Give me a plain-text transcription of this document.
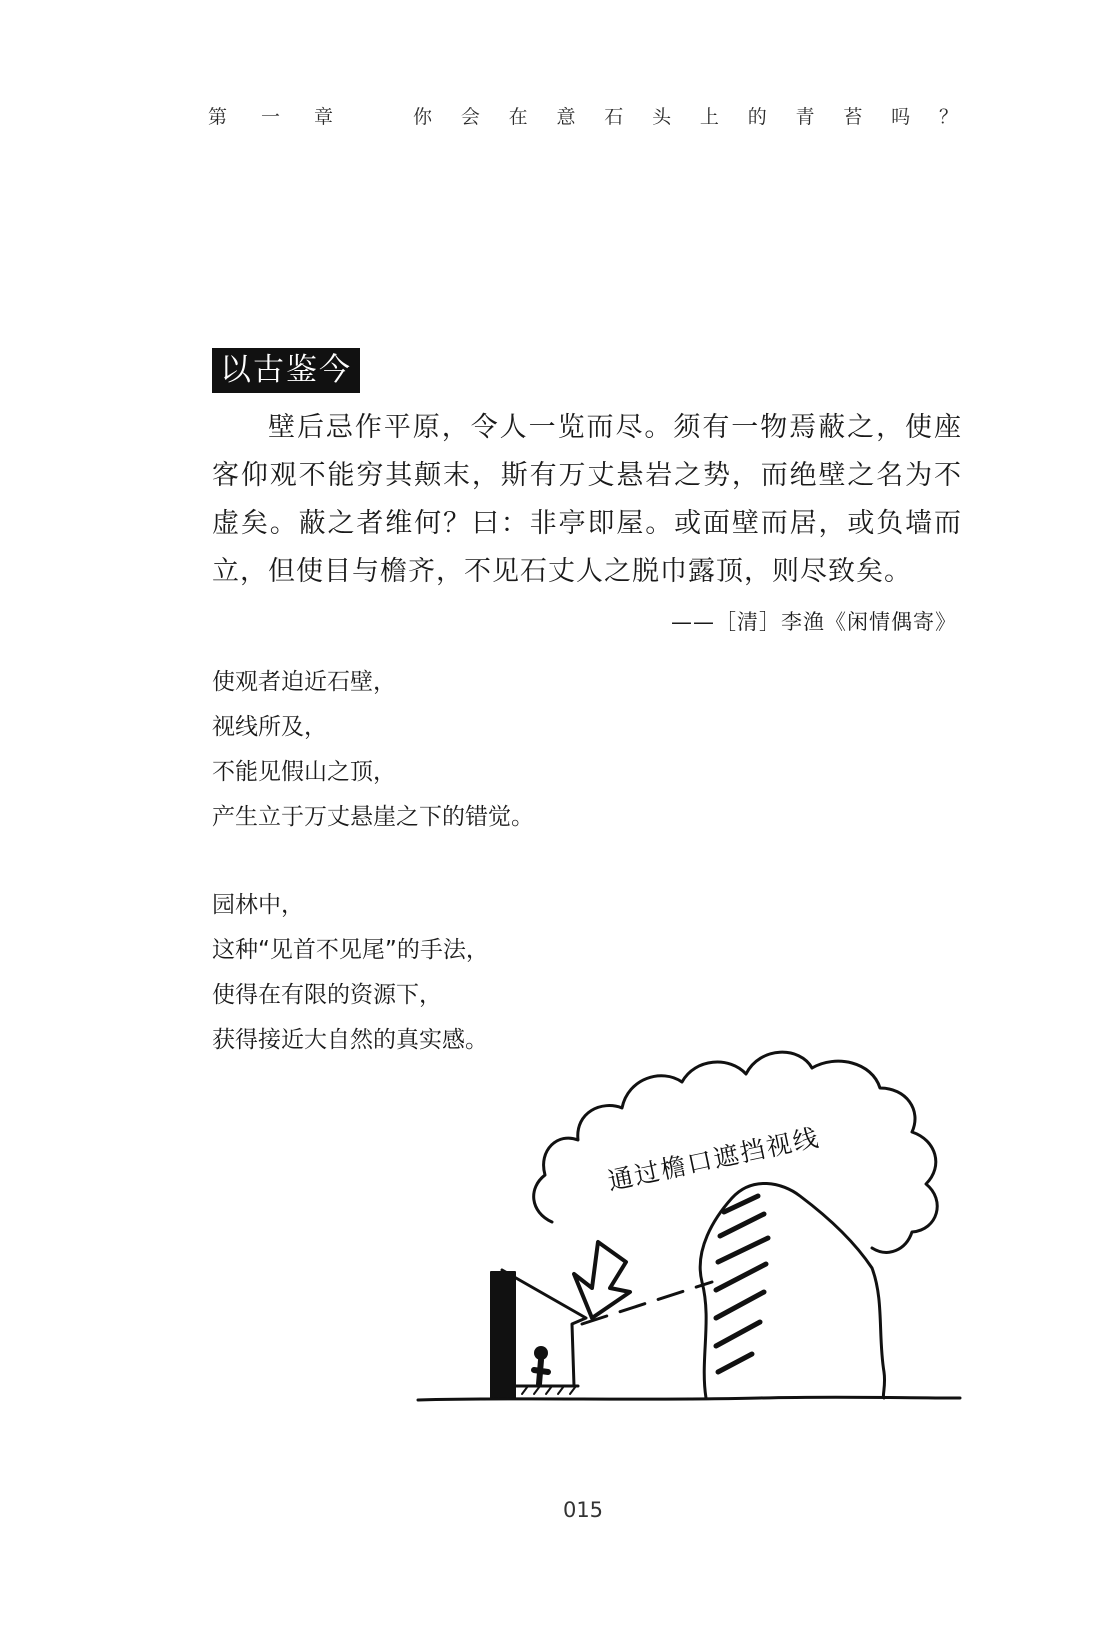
第 一 章	你 会 在 意 石 头 上 的 青 苔 吗 ？
以古鉴今

壁后忌作平原，令人一览而尽。须有一物焉蔽之，使座客仰观不能穷其颠末，斯有万丈悬岩之势，而绝壁之名为不虚矣。蔽之者维何？曰：非亭即屋。或面壁而居，或负墙而立，但使目与檐齐，不见石丈人之脱巾露顶，则尽致矣。

——［清］李渔《闲情偶寄》
使观者迫近石壁，
视线所及，
不能见假山之顶，
产生立于万丈悬崖之下的错觉。
园林中，
这种“见首不见尾”的手法，
使得在有限的资源下，
获得接近大自然的真实感。
通过檐口遮挡视线
015
